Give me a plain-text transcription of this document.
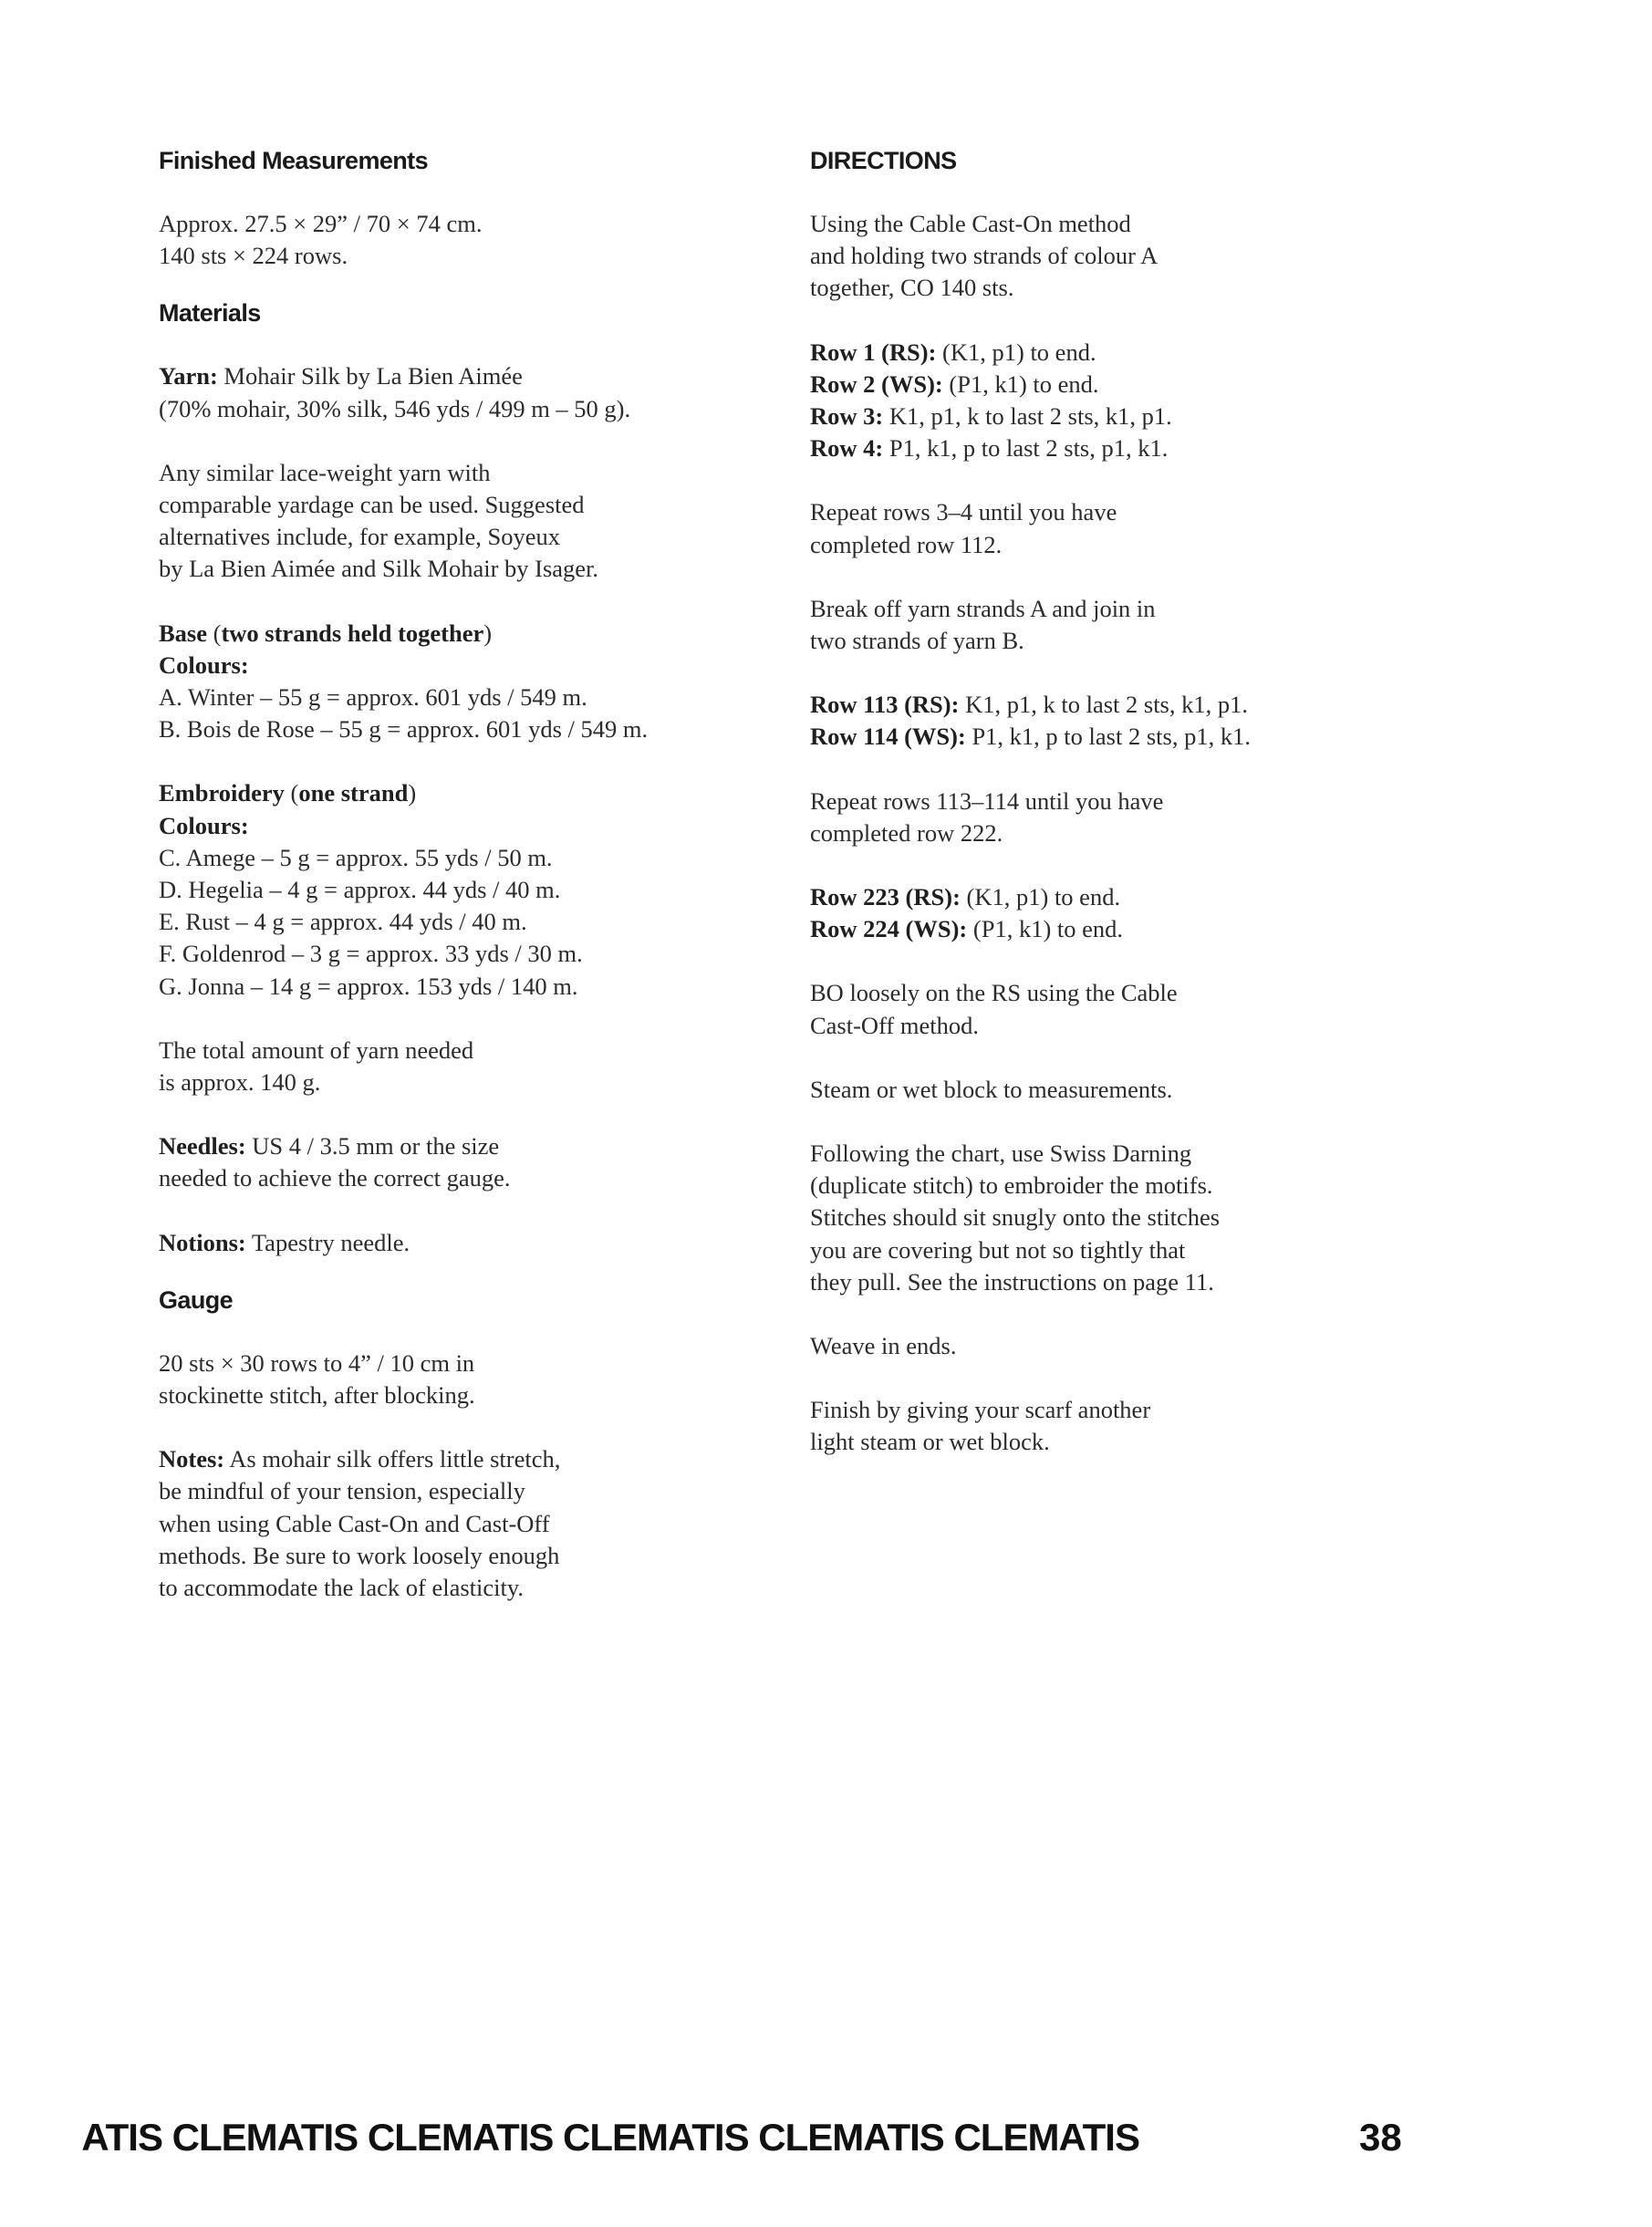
Finished Measurements

Approx. 27.5 × 29” / 70 × 74 cm.
140 sts × 224 rows.

Materials

Yarn: Mohair Silk by La Bien Aimée
(70% mohair, 30% silk, 546 yds / 499 m – 50 g).

Any similar lace-weight yarn with
comparable yardage can be used. Suggested
alternatives include, for example, Soyeux
by La Bien Aimée and Silk Mohair by Isager.

Base (two strands held together)
Colours:
A. Winter – 55 g = approx. 601 yds / 549 m.
B. Bois de Rose – 55 g = approx. 601 yds / 549 m.

Embroidery (one strand)
Colours:
C. Amege – 5 g = approx. 55 yds / 50 m.
D. Hegelia – 4 g = approx. 44 yds / 40 m.
E. Rust – 4 g = approx. 44 yds / 40 m.
F. Goldenrod – 3 g = approx. 33 yds / 30 m.
G. Jonna – 14 g = approx. 153 yds / 140 m.

The total amount of yarn needed
is approx. 140 g.

Needles: US 4 / 3.5 mm or the size
needed to achieve the correct gauge.

Notions: Tapestry needle.

Gauge

20 sts × 30 rows to 4” / 10 cm in
stockinette stitch, after blocking.

Notes: As mohair silk offers little stretch,
be mindful of your tension, especially
when using Cable Cast-On and Cast-Off
methods. Be sure to work loosely enough
to accommodate the lack of elasticity.

DIRECTIONS

Using the Cable Cast-On method
and holding two strands of colour A
together, CO 140 sts.

Row 1 (RS): (K1, p1) to end.
Row 2 (WS): (P1, k1) to end.
Row 3: K1, p1, k to last 2 sts, k1, p1.
Row 4: P1, k1, p to last 2 sts, p1, k1.

Repeat rows 3–4 until you have
completed row 112.

Break off yarn strands A and join in
two strands of yarn B.

Row 113 (RS): K1, p1, k to last 2 sts, k1, p1.
Row 114 (WS): P1, k1, p to last 2 sts, p1, k1.

Repeat rows 113–114 until you have
completed row 222.

Row 223 (RS): (K1, p1) to end.
Row 224 (WS): (P1, k1) to end.

BO loosely on the RS using the Cable
Cast-Off method.

Steam or wet block to measurements.

Following the chart, use Swiss Darning
(duplicate stitch) to embroider the motifs.
Stitches should sit snugly onto the stitches
you are covering but not so tightly that
they pull. See the instructions on page 11.

Weave in ends.

Finish by giving your scarf another
light steam or wet block.

ATIS CLEMATIS CLEMATIS CLEMATIS CLEMATIS CLEMATIS	38
